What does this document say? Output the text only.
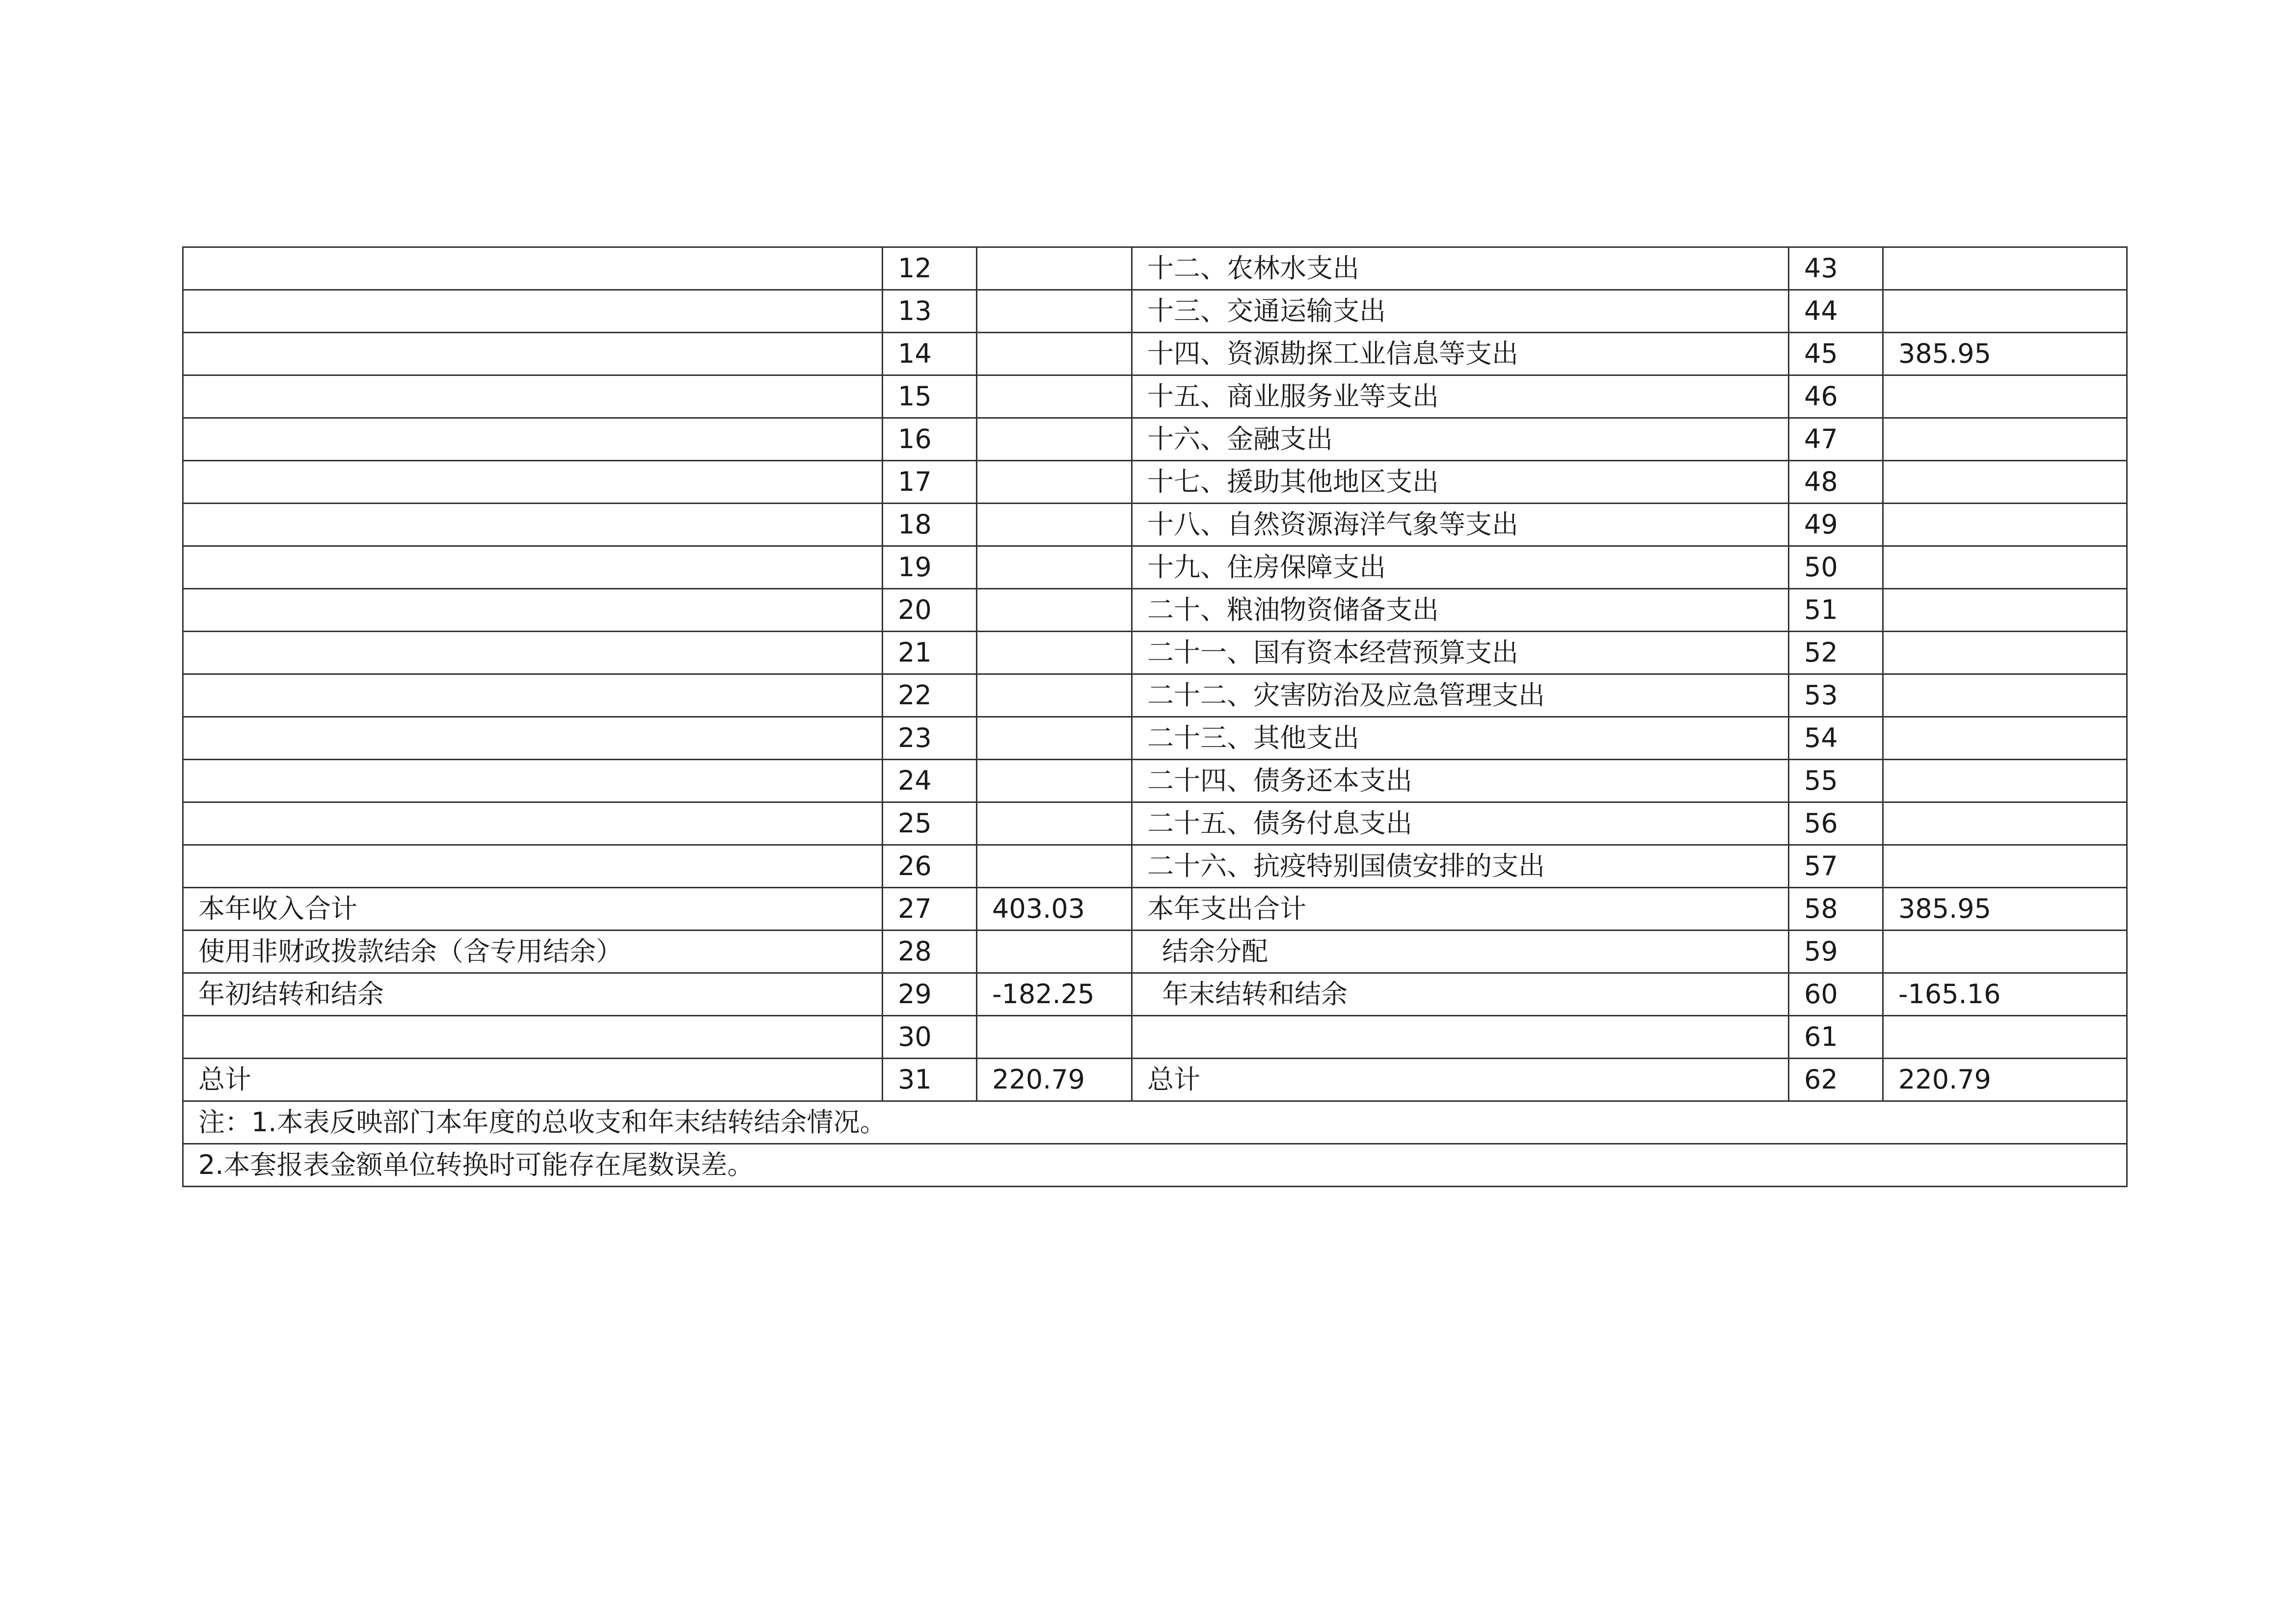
	12		十二、农林水支出	43	
	13		十三、交通运输支出	44	
	14		十四、资源勘探工业信息等支出	45	385.95
	15		十五、商业服务业等支出	46	
	16		十六、金融支出	47	
	17		十七、援助其他地区支出	48	
	18		十八、自然资源海洋气象等支出	49	
	19		十九、住房保障支出	50	
	20		二十、粮油物资储备支出	51	
	21		二十一、国有资本经营预算支出	52	
	22		二十二、灾害防治及应急管理支出	53	
	23		二十三、其他支出	54	
	24		二十四、债务还本支出	55	
	25		二十五、债务付息支出	56	
	26		二十六、抗疫特别国债安排的支出	57	
本年收入合计	27	403.03	本年支出合计	58	385.95
使用非财政拨款结余（含专用结余）	28		结余分配	59	
年初结转和结余	29	-182.25	年末结转和结余	60	-165.16
	30			61	
总计	31	220.79	总计	62	220.79
注：1.本表反映部门本年度的总收支和年末结转结余情况。					
2.本套报表金额单位转换时可能存在尾数误差。					
